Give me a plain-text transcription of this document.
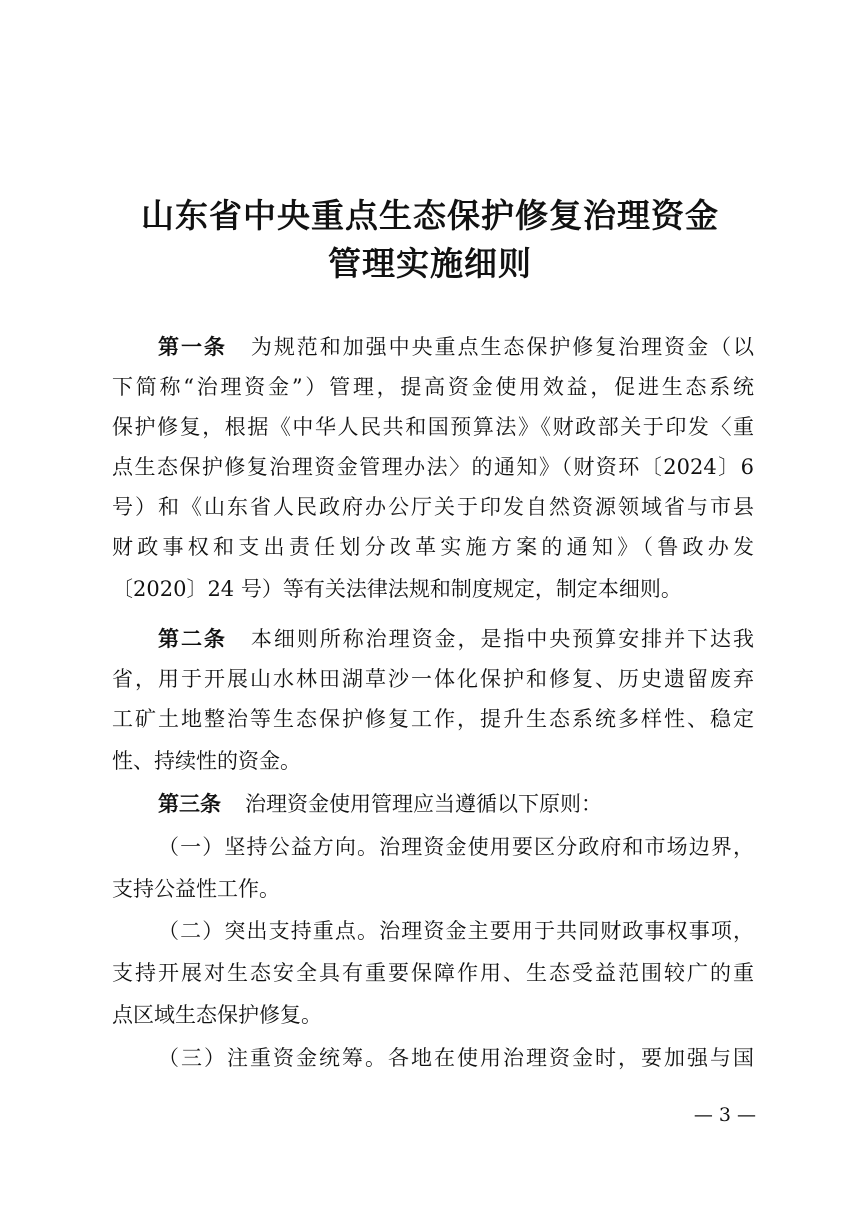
山东省中央重点生态保护修复治理资金
管理实施细则
第一条 为规范和加强中央重点生态保护修复治理资金（以
下简称“治理资金”）管理，提高资金使用效益，促进生态系统
保护修复，根据《中华人民共和国预算法》《财政部关于印发〈重
点生态保护修复治理资金管理办法〉的通知》（财资环〔2024〕6
号）和《山东省人民政府办公厅关于印发自然资源领域省与市县
财政事权和支出责任划分改革实施方案的通知》（鲁政办发
〔2020〕24 号）等有关法律法规和制度规定，制定本细则。
第二条 本细则所称治理资金，是指中央预算安排并下达我
省，用于开展山水林田湖草沙一体化保护和修复、历史遗留废弃
工矿土地整治等生态保护修复工作，提升生态系统多样性、稳定
性、持续性的资金。
第三条 治理资金使用管理应当遵循以下原则：
（一）坚持公益方向。治理资金使用要区分政府和市场边界，
支持公益性工作。
（二）突出支持重点。治理资金主要用于共同财政事权事项，
支持开展对生态安全具有重要保障作用、生态受益范围较广的重
点区域生态保护修复。
（三）注重资金统筹。各地在使用治理资金时，要加强与国
— 3 —
